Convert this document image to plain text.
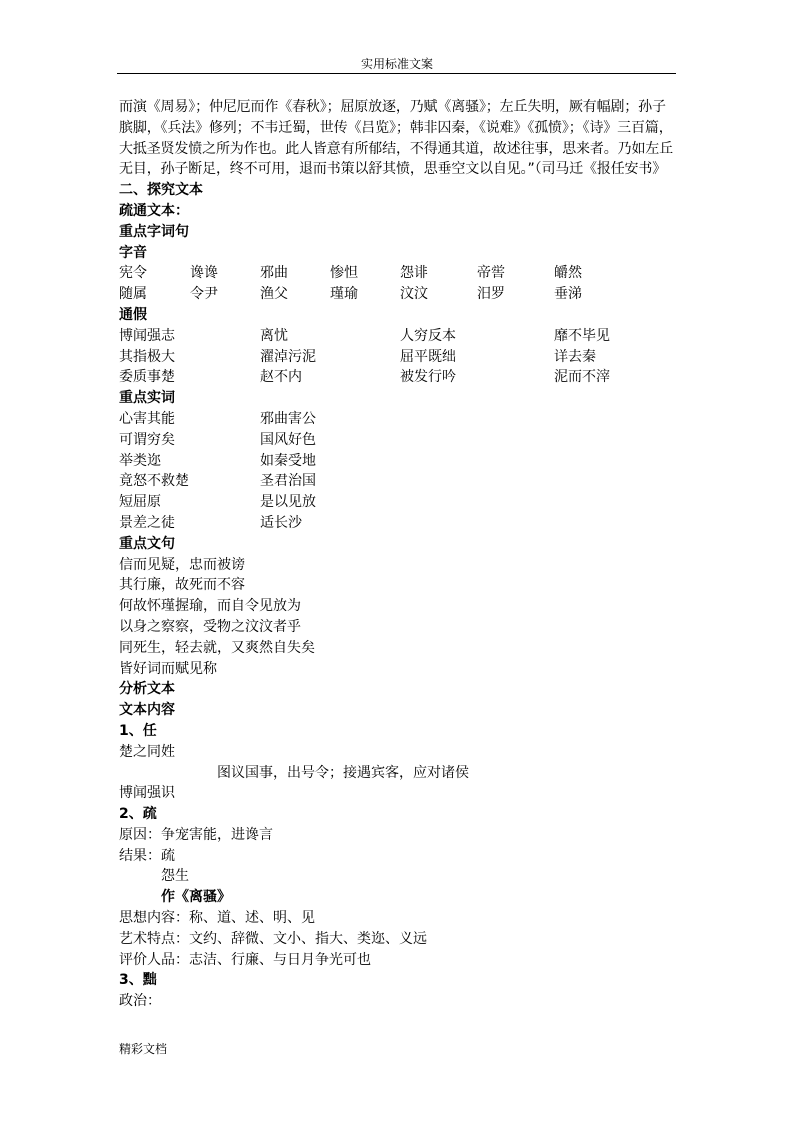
实用标准文案
而演《周易》；仲尼厄而作《春秋》；屈原放逐，乃赋《离骚》；左丘失明，厥有幅剧；孙子
膑脚，《兵法》修列；不韦迁蜀，世传《吕览》；韩非囚秦，《说难》《孤愤》；《诗》三百篇，
大抵圣贤发愤之所为作也。此人皆意有所郁结，不得通其道，故述往事，思来者。乃如左丘
无目，孙子断足，终不可用，退而书策以舒其愤，思垂空文以自见。”（司马迁《报任安书》
二、探究文本
疏通文本：
重点字词句
字音
宪令	谗谗	邪曲	惨怛	怨诽	帝喾	皭然
随属	令尹	渔父	瑾瑜	汶汶	汨罗	垂涕
通假
博闻强志	离忧	人穷反本	靡不毕见
其指极大	濯淖污泥	屈平既绌	详去秦
委质事楚	赵不内	被发行吟	泥而不滓
重点实词
心害其能	邪曲害公
可谓穷矣	国风好色
举类迩	如秦受地
竟怒不救楚	圣君治国
短屈原	是以见放
景差之徒	适长沙
重点文句
信而见疑，忠而被谤
其行廉，故死而不容
何故怀瑾握瑜，而自令见放为
以身之察察，受物之汶汶者乎
同死生，轻去就，又爽然自失矣
皆好词而赋见称
分析文本
文本内容
1、任
楚之同姓
图议国事，出号令；接遇宾客，应对诸侯
博闻强识
2、疏
原因：争宠害能，进谗言
结果：疏
怨生
作《离骚》
思想内容：称、道、述、明、见
艺术特点：文约、辞微、文小、指大、类迩、义远
评价人品：志洁、行廉、与日月争光可也
3、黜
政治：
精彩文档
